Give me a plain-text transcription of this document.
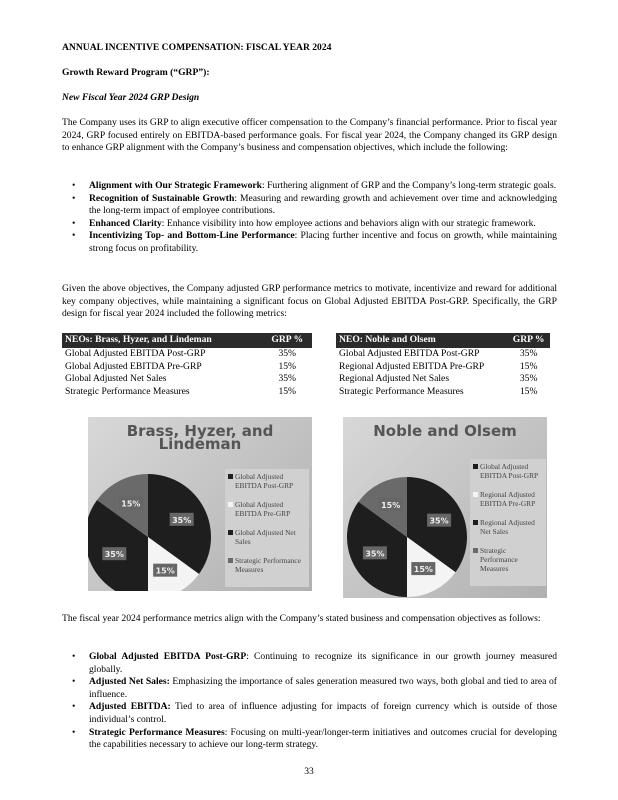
ANNUAL INCENTIVE COMPENSATION: FISCAL YEAR 2024
Growth Reward Program (“GRP”):
New Fiscal Year 2024 GRP Design
The Company uses its GRP to align executive officer compensation to the Company’s financial performance. Prior to fiscal year 2024, GRP focused entirely on EBITDA-based performance goals. For fiscal year 2024, the Company changed its GRP design to enhance GRP alignment with the Company’s business and compensation objectives, which include the following:
• Alignment with Our Strategic Framework: Furthering alignment of GRP and the Company’s long-term strategic goals.
• Recognition of Sustainable Growth: Measuring and rewarding growth and achievement over time and acknowledging the long-term impact of employee contributions.
• Enhanced Clarity: Enhance visibility into how employee actions and behaviors align with our strategic framework.
• Incentivizing Top- and Bottom-Line Performance: Placing further incentive and focus on growth, while maintaining strong focus on profitability.
Given the above objectives, the Company adjusted GRP performance metrics to motivate, incentivize and reward for additional key company objectives, while maintaining a significant focus on Global Adjusted EBITDA Post-GRP. Specifically, the GRP design for fiscal year 2024 included the following metrics:
NEOs: Brass, Hyzer, and Lindeman	GRP %
Global Adjusted EBITDA Post-GRP	35%
Global Adjusted EBITDA Pre-GRP	15%
Global Adjusted Net Sales	35%
Strategic Performance Measures	15%
NEO: Noble and Olsem	GRP %
Global Adjusted EBITDA Post-GRP	35%
Regional Adjusted EBITDA Pre-GRP	15%
Regional Adjusted Net Sales	35%
Strategic Performance Measures	15%
Brass, Hyzer, and Lindeman
35%
15%
35%
15%
Global Adjusted EBITDA Post-GRP
Global Adjusted EBITDA Pre-GRP
Global Adjusted Net Sales
Strategic Performance Measures
Noble and Olsem
35%
15%
35%
15%
Global Adjusted EBITDA Post-GRP
Regional Adjusted EBITDA Pre-GRP
Regional Adjusted Net Sales
Strategic Performance Measures
The fiscal year 2024 performance metrics align with the Company’s stated business and compensation objectives as follows:
• Global Adjusted EBITDA Post-GRP: Continuing to recognize its significance in our growth journey measured globally.
• Adjusted Net Sales: Emphasizing the importance of sales generation measured two ways, both global and tied to area of influence.
• Adjusted EBITDA: Tied to area of influence adjusting for impacts of foreign currency which is outside of those individual’s control.
• Strategic Performance Measures: Focusing on multi-year/longer-term initiatives and outcomes crucial for developing the capabilities necessary to achieve our long-term strategy.
33
